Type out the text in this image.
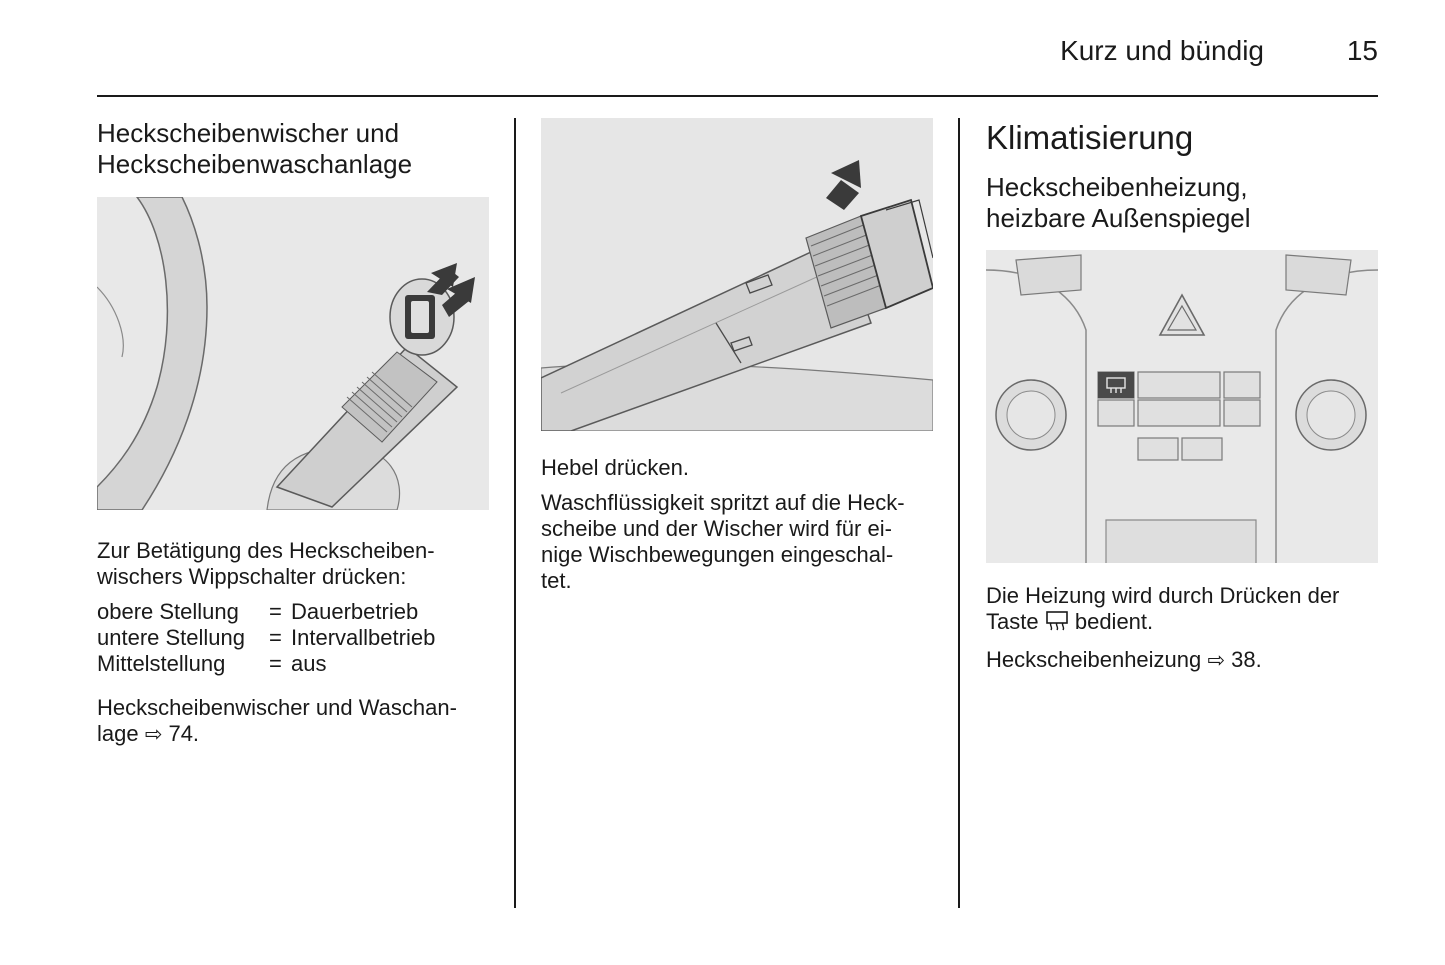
Kurz und bündig	15
Heckscheibenwischer und
Heckscheibenwaschanlage

Zur Betätigung des Heckscheiben-
wischers Wippschalter drücken:

obere Stellung	=	Dauerbetrieb
untere Stellung	=	Intervallbetrieb
Mittelstellung	=	aus

Heckscheibenwischer und Waschan-
lage ⇨ 74.

Hebel drücken.

Waschflüssigkeit spritzt auf die Heck-
scheibe und der Wischer wird für ei-
nige Wischbewegungen eingeschal-
tet.

Klimatisierung
Heckscheibenheizung,
heizbare Außenspiegel

Die Heizung wird durch Drücken der
Taste bedient.

Heckscheibenheizung ⇨ 38.
